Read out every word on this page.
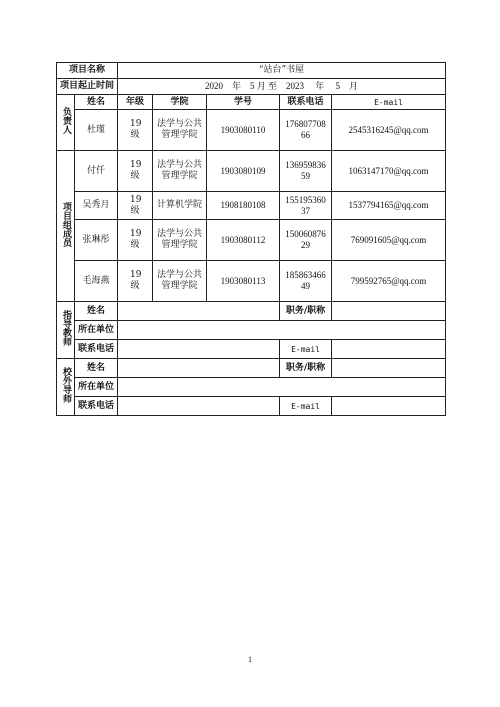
项目名称		“站台”书屋				
项目起止时间		2020　年　5 月 至　2023　 年　 5　月				
负责人	姓名	年级	学院	学号	联系电话	E-mail
	杜瑾	19级	法学与公共管理学院	1903080110	17680770866	2545316245@qq.com
项目组成员	付仟	19级	法学与公共管理学院	1903080109	13695983659	1063147170@qq.com
	吴秀月	19级	计算机学院	1908180108	15519536037	1537794165@qq.com
	张琳彤	19级	法学与公共管理学院	1903080112	15006087629	769091605@qq.com
	毛海燕	19级	法学与公共管理学院	1903080113	18586346649	799592765@qq.com
指导教师	姓名				职务/职称	
	所在单位					
	联系电话				E-mail	
校外导师	姓名				职务/职称	
	所在单位					
	联系电话				E-mail	
1
